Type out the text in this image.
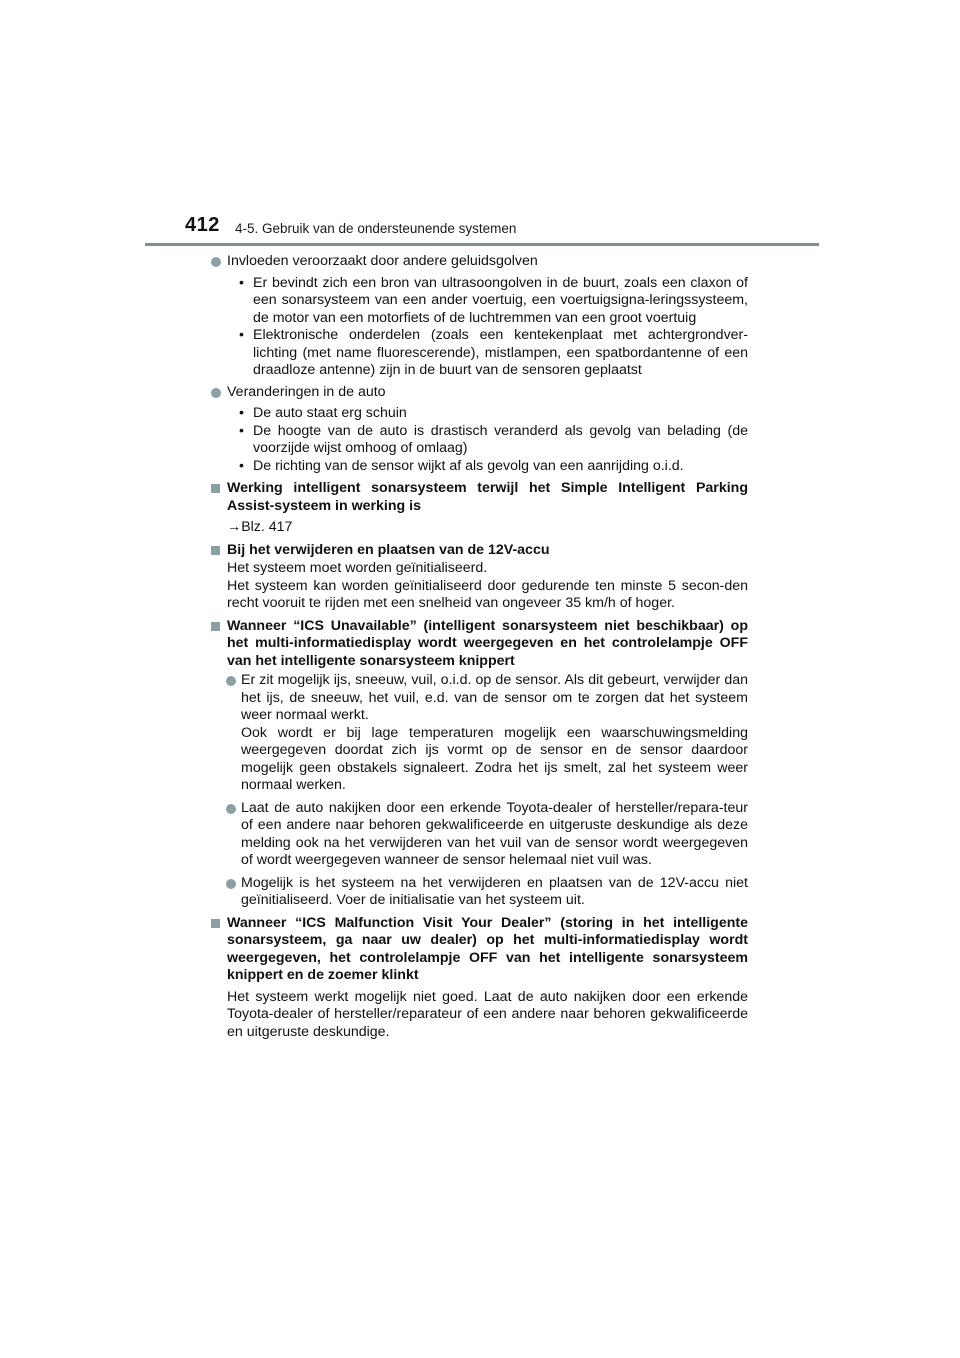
412 4-5. Gebruik van de ondersteunende systemen
Invloeden veroorzaakt door andere geluidsgolven
• Er bevindt zich een bron van ultrasoongolven in de buurt, zoals een claxon of een sonarsysteem van een ander voertuig, een voertuigsigna-leringssysteem, de motor van een motorfiets of de luchtremmen van een groot voertuig
• Elektronische onderdelen (zoals een kentekenplaat met achtergrondver-lichting (met name fluorescerende), mistlampen, een spatbordantenne of een draadloze antenne) zijn in de buurt van de sensoren geplaatst
Veranderingen in de auto
• De auto staat erg schuin
• De hoogte van de auto is drastisch veranderd als gevolg van belading (de voorzijde wijst omhoog of omlaag)
• De richting van de sensor wijkt af als gevolg van een aanrijding o.i.d.
Werking intelligent sonarsysteem terwijl het Simple Intelligent Parking Assist-systeem in werking is
→Blz. 417
Bij het verwijderen en plaatsen van de 12V-accu
Het systeem moet worden geïnitialiseerd.
Het systeem kan worden geïnitialiseerd door gedurende ten minste 5 secon-den recht vooruit te rijden met een snelheid van ongeveer 35 km/h of hoger.
Wanneer “ICS Unavailable” (intelligent sonarsysteem niet beschikbaar) op het multi-informatiedisplay wordt weergegeven en het controlelampje OFF van het intelligente sonarsysteem knippert
Er zit mogelijk ijs, sneeuw, vuil, o.i.d. op de sensor. Als dit gebeurt, verwijder dan het ijs, de sneeuw, het vuil, e.d. van de sensor om te zorgen dat het systeem weer normaal werkt.
Ook wordt er bij lage temperaturen mogelijk een waarschuwingsmelding weergegeven doordat zich ijs vormt op de sensor en de sensor daardoor mogelijk geen obstakels signaleert. Zodra het ijs smelt, zal het systeem weer normaal werken.
Laat de auto nakijken door een erkende Toyota-dealer of hersteller/repara-teur of een andere naar behoren gekwalificeerde en uitgeruste deskundige als deze melding ook na het verwijderen van het vuil van de sensor wordt weergegeven of wordt weergegeven wanneer de sensor helemaal niet vuil was.
Mogelijk is het systeem na het verwijderen en plaatsen van de 12V-accu niet geïnitialiseerd. Voer de initialisatie van het systeem uit.
Wanneer “ICS Malfunction Visit Your Dealer” (storing in het intelligente sonarsysteem, ga naar uw dealer) op het multi-informatiedisplay wordt weergegeven, het controlelampje OFF van het intelligente sonarsysteem knippert en de zoemer klinkt
Het systeem werkt mogelijk niet goed. Laat de auto nakijken door een erkende Toyota-dealer of hersteller/reparateur of een andere naar behoren gekwalificeerde en uitgeruste deskundige.
